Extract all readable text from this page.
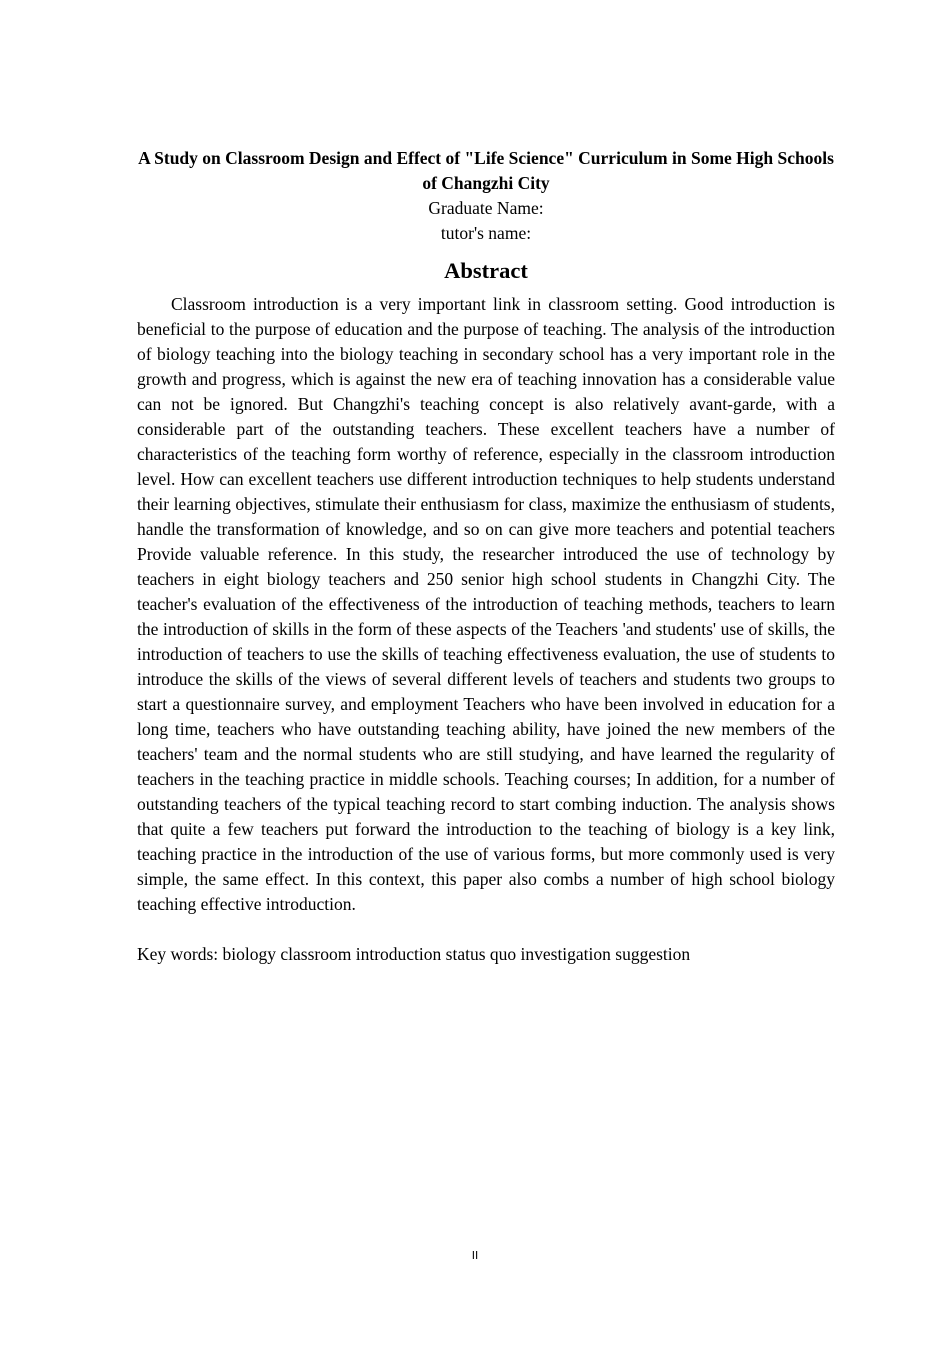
A Study on Classroom Design and Effect of "Life Science" Curriculum in Some High Schools of Changzhi City

Graduate Name:

tutor's name:

Abstract

Classroom introduction is a very important link in classroom setting. Good introduction is beneficial to the purpose of education and the purpose of teaching. The analysis of the introduction of biology teaching into the biology teaching in secondary school has a very important role in the growth and progress, which is against the new era of teaching innovation has a considerable value can not be ignored. But Changzhi's teaching concept is also relatively avant-garde, with a considerable part of the outstanding teachers. These excellent teachers have a number of characteristics of the teaching form worthy of reference, especially in the classroom introduction level. How can excellent teachers use different introduction techniques to help students understand their learning objectives, stimulate their enthusiasm for class, maximize the enthusiasm of students, handle the transformation of knowledge, and so on can give more teachers and potential teachers Provide valuable reference. In this study, the researcher introduced the use of technology by teachers in eight biology teachers and 250 senior high school students in Changzhi City. The teacher's evaluation of the effectiveness of the introduction of teaching methods, teachers to learn the introduction of skills in the form of these aspects of the Teachers 'and students' use of skills, the introduction of teachers to use the skills of teaching effectiveness evaluation, the use of students to introduce the skills of the views of several different levels of teachers and students two groups to start a questionnaire survey, and employment Teachers who have been involved in education for a long time, teachers who have outstanding teaching ability, have joined the new members of the teachers' team and the normal students who are still studying, and have learned the regularity of teachers in the teaching practice in middle schools. Teaching courses; In addition, for a number of outstanding teachers of the typical teaching record to start combing induction. The analysis shows that quite a few teachers put forward the introduction to the teaching of biology is a key link, teaching practice in the introduction of the use of various forms, but more commonly used is very simple, the same effect. In this context, this paper also combs a number of high school biology teaching effective introduction.

Key words: biology classroom introduction status quo investigation suggestion

II
